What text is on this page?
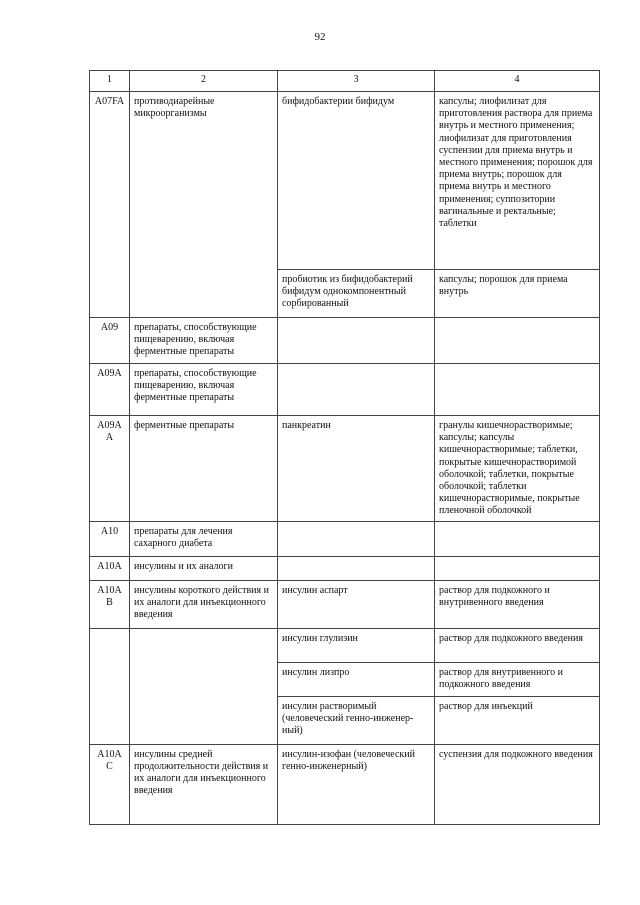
92
1	2	3	4
A07FA	противодиарейные микроорганизмы	бифидобактерии бифидум	капсулы; лиофилизат для приготовления раствора для приема внутрь и местного применения; лиофилизат для приготовления суспензии для приема внутрь и местного применения; порошок для приема внутрь; порошок для приема внутрь и местного применения; суппозитории вагинальные и ректальные; таблетки
		пробиотик из бифидобактерий бифидум однокомпонентный сорбированный	капсулы; порошок для приема внутрь
A09	препараты, способствующие пищеварению, включая ферментные препараты		
A09A	препараты, способствующие пищеварению, включая ферментные препараты		
A09AA	ферментные препараты	панкреатин	гранулы кишечнорастворимые; капсулы; капсулы кишечнорастворимые; таблетки, покрытые кишечнорастворимой оболочкой; таблетки, покрытые оболочкой; таблетки кишечнорастворимые, покрытые пленочной оболочкой
A10	препараты для лечения сахарного диабета		
A10A	инсулины и их аналоги		
A10AB	инсулины короткого действия и их аналоги для инъекционного введения	инсулин аспарт	раствор для подкожного и внутривенного введения
		инсулин глулизин	раствор для подкожного введения
		инсулин лизпро	раствор для внутривенного и подкожного введения
		инсулин растворимый (человеческий генно-инженер-ный)	раствор для инъекций
A10AC	инсулины средней продолжительности действия и их аналоги для инъекционного введения	инсулин-изофан (человеческий генно-инженерный)	суспензия для подкожного введения
